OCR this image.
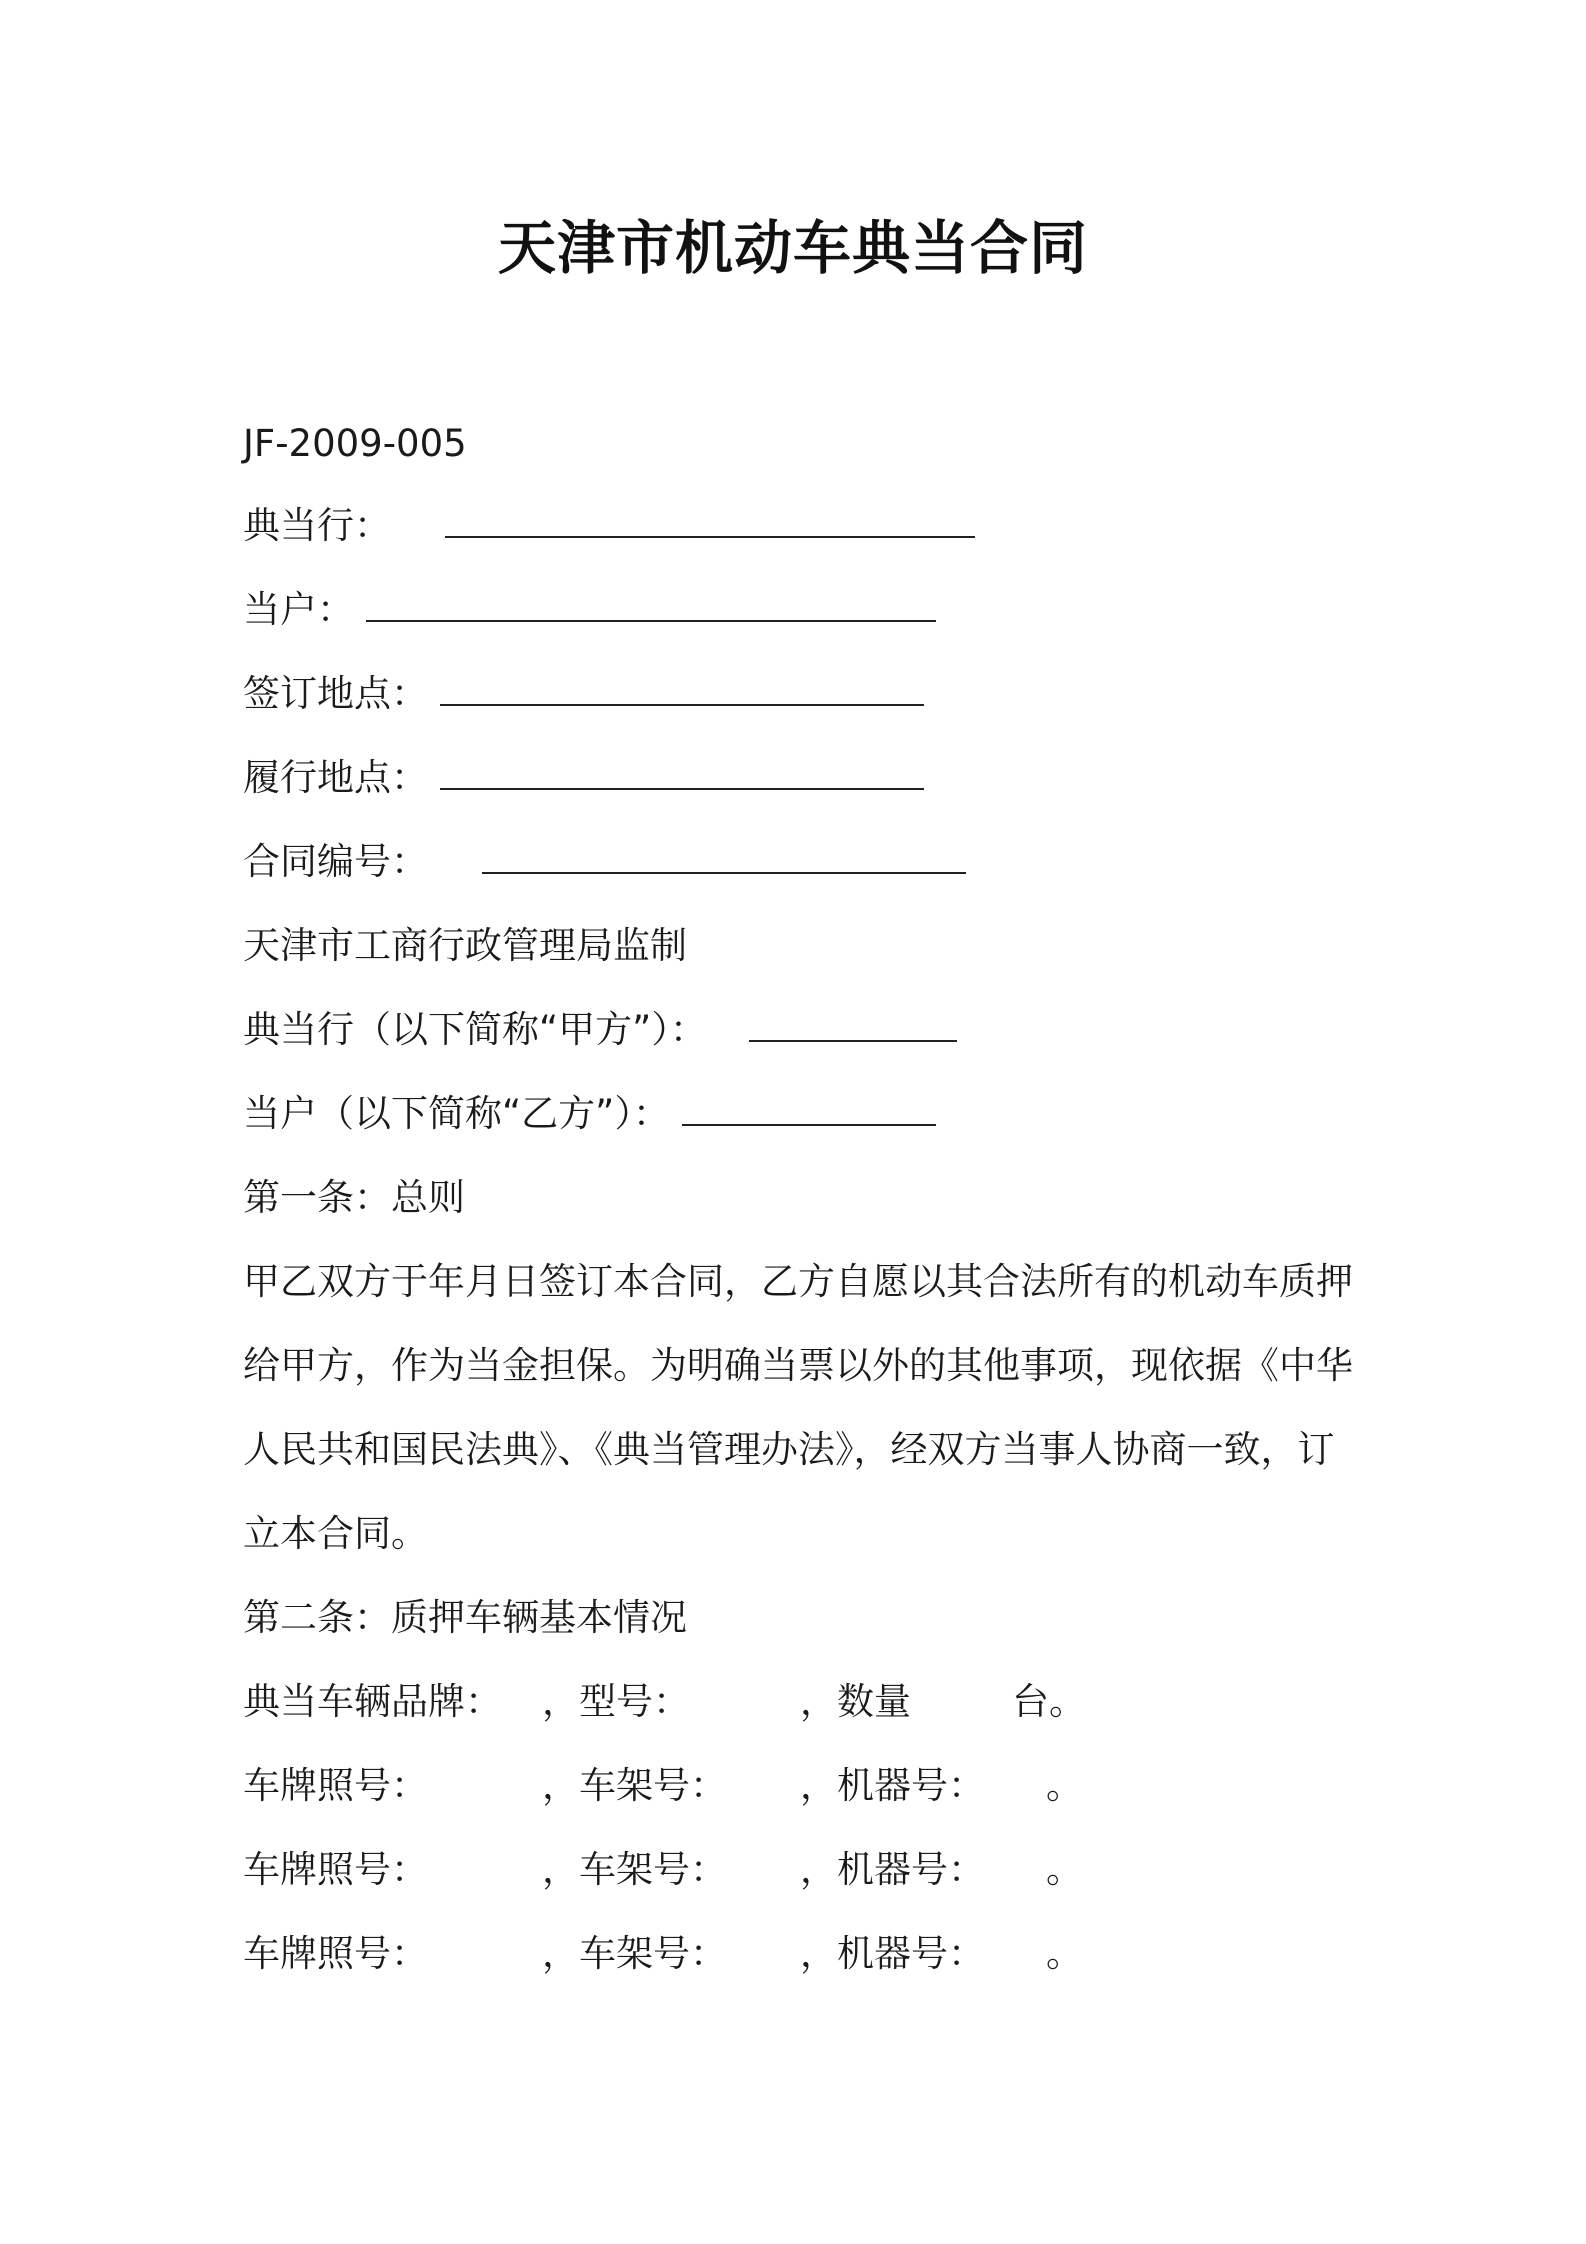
天津市机动车典当合同
JF-2009-005
典当行：
当户：
签订地点：
履行地点：
合同编号：
天津市工商行政管理局监制
典当行（以下简称“甲方”）：
当户（以下简称“乙方”）：
第一条：总则
甲乙双方于年月日签订本合同，乙方自愿以其合法所有的机动车质押给甲方，作为当金担保。为明确当票以外的其他事项，现依据《中华人民共和国民法典》、《典当管理办法》，经双方当事人协商一致，订立本合同。
第二条：质押车辆基本情况
典当车辆品牌： ，型号：	，数量	台。
车牌照号：	，车架号： ，机器号： 。
车牌照号：	，车架号： ，机器号： 。
车牌照号：	，车架号： ，机器号： 。
